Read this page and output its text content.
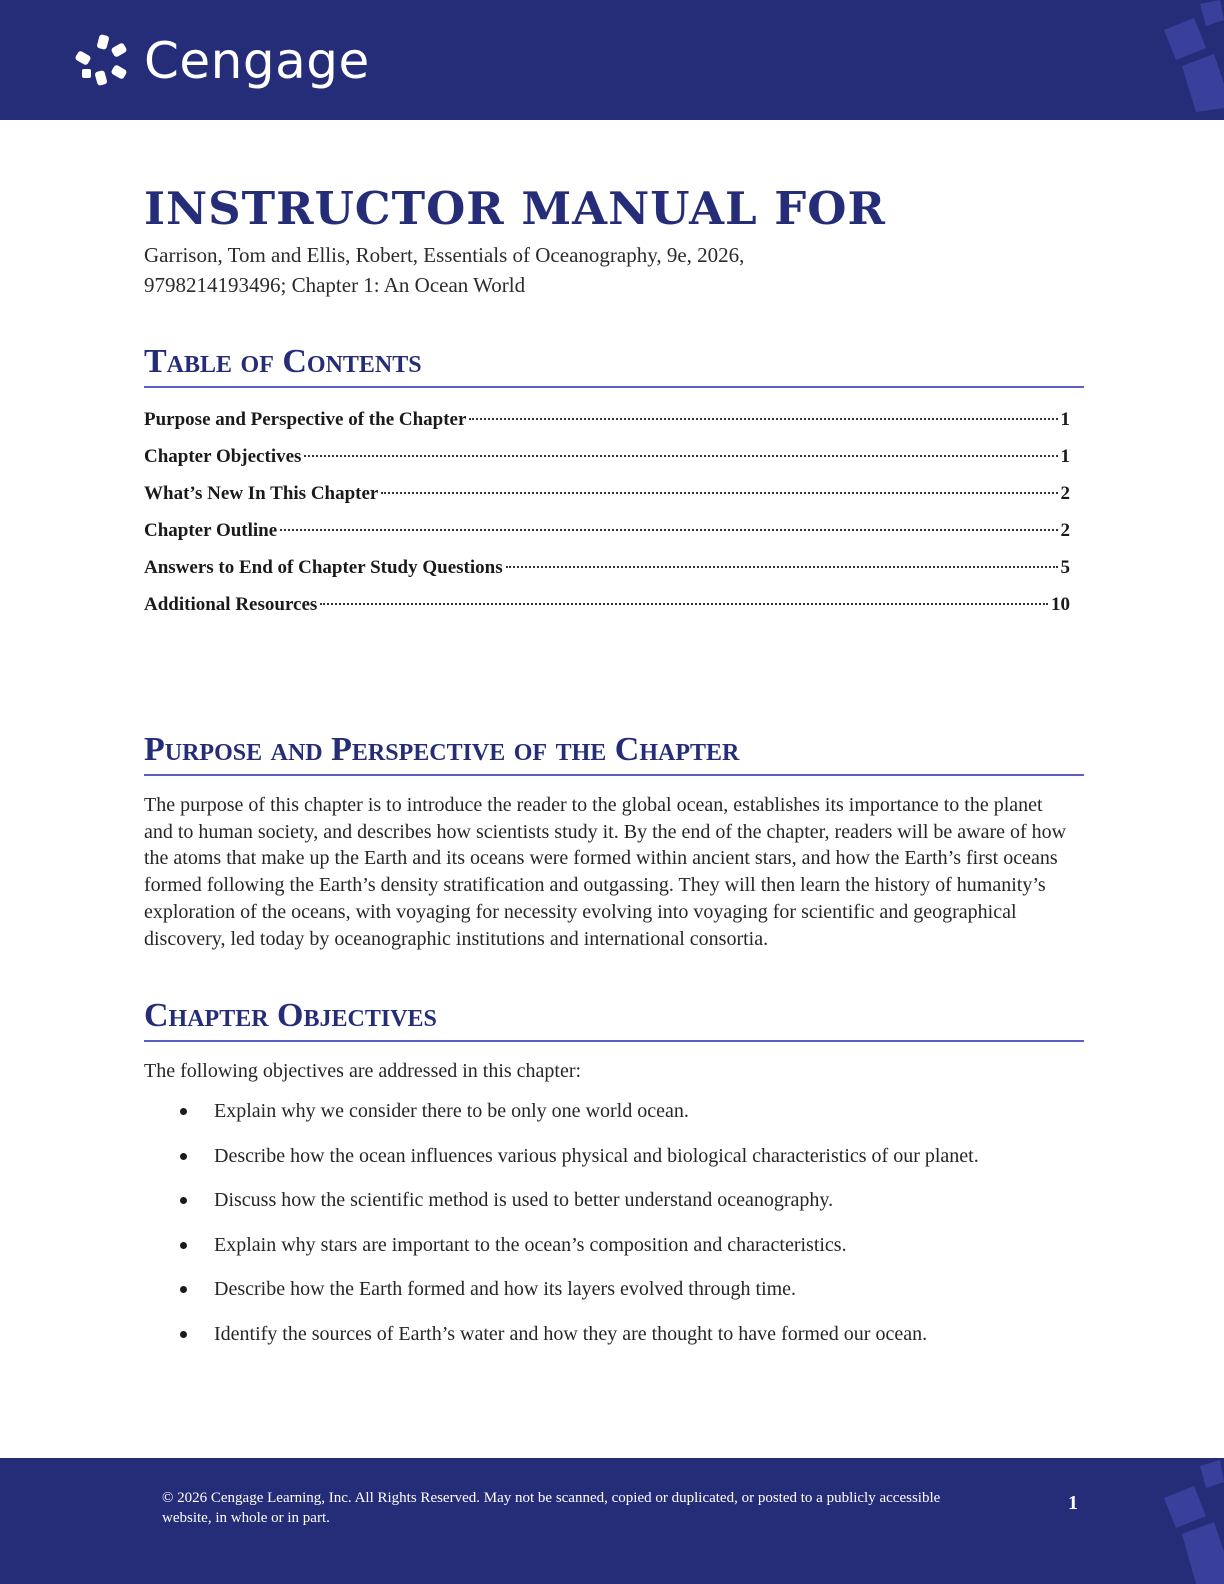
Cengage
INSTRUCTOR MANUAL FOR

Garrison, Tom and Ellis, Robert, Essentials of Oceanography, 9e, 2026,
9798214193496; Chapter 1: An Ocean World

Table of Contents
Purpose and Perspective of the Chapter	1
Chapter Objectives	1
What’s New In This Chapter	2
Chapter Outline	2
Answers to End of Chapter Study Questions	5
Additional Resources	10
Purpose and Perspective of the Chapter

The purpose of this chapter is to introduce the reader to the global ocean, establishes its importance to the planet and to human society, and describes how scientists study it. By the end of the chapter, readers will be aware of how the atoms that make up the Earth and its oceans were formed within ancient stars, and how the Earth’s first oceans formed following the Earth’s density stratification and outgassing. They will then learn the history of humanity’s exploration of the oceans, with voyaging for necessity evolving into voyaging for scientific and geographical discovery, led today by oceanographic institutions and international consortia.

Chapter Objectives

The following objectives are addressed in this chapter:

Explain why we consider there to be only one world ocean.
Describe how the ocean influences various physical and biological characteristics of our planet.
Discuss how the scientific method is used to better understand oceanography.
Explain why stars are important to the ocean’s composition and characteristics.
Describe how the Earth formed and how its layers evolved through time.
Identify the sources of Earth’s water and how they are thought to have formed our ocean.
© 2026 Cengage Learning, Inc. All Rights Reserved. May not be scanned, copied or duplicated, or posted to a publicly accessible website, in whole or in part.
1
